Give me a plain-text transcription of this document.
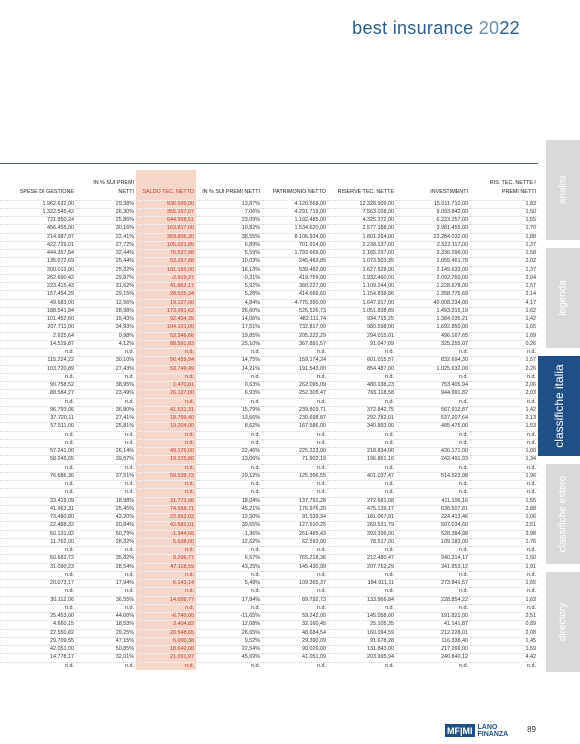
best insurance 2022
SPESE DI GESTIONE	IN % SUI PREMI NETTI	SALDO TEC. NETTO	IN % SUI PREMI NETTI	PATRIMONIO NETTO	RISERVE TEC. NETTE	INVESTIMENTI	RIS. TEC. NETTE / PREMI NETTI
1.962.622,00	29,38%	936.095,00	13,87%	4.120.568,00	12.328.909,00	15.011.710,00	1,83
1.322.545,42	26,30%	355.157,07	7,06%	4.291.719,00	7.563.028,00	9.093.842,00	1,50
721.850,24	25,86%	644.558,51	23,09%	1.192.485,00	4.325.372,00	6.223.257,00	1,55
456.455,00	30,16%	163.817,00	10,82%	1.534.620,00	2.577.188,00	3.981.455,00	1,70
214.987,97	22,41%	369.806,30	38,55%	8.106.934,00	1.801.264,00	22.284.032,00	1,88
422.729,01	27,72%	105.021,85	6,89%	701.914,00	2.238.137,00	2.522.117,00	1,37
444.357,84	32,44%	76.537,98	5,59%	1.793.669,00	2.165.297,00	3.336.096,00	1,58
135.072,69	25,44%	53.267,88	10,03%	245.463,85	1.073.503,35	1.055.461,78	2,02
300.013,00	25,32%	191.155,00	16,13%	539.482,00	1.627.528,00	2.149.633,00	1,37
262.690,42	29,87%	-2.919,27	-0,31%	419.759,00	1.932.460,00	2.092.760,00	2,04
223.415,43	31,62%	41.862,17	5,92%	360.227,00	1.109.244,00	1.228.678,00	1,57
157.454,29	29,15%	28.525,34	5,28%	414.669,60	1.154.838,86	1.358.775,69	2,14
49.683,00	12,56%	19.127,00	4,84%	4.775.390,00	1.647.917,00	40.008.234,00	4,17
188.541,84	28,98%	173.091,62	26,60%	526.526,73	1.051.838,89	1.493.315,19	1,62
101.452,60	15,43%	92.404,35	14,06%	482.111,74	934.715,25	1.384.035,21	1,42
207.711,00	34,93%	104.101,00	17,51%	732.817,00	980.598,00	1.692.850,00	1,65
2.625,64	0,98%	53.346,66	19,85%	205.222,29	294.015,01	496.167,65	1,09
14.529,87	4,12%	88.591,83	25,10%	367.891,57	91.047,09	325.255,07	0,26
n.d.	n.d.	n.d.	n.d.	n.d.	n.d.	n.d.	n.d.
115.224,22	30,10%	56.459,94	14,75%	159.174,24	601.015,57	832.694,30	1,57
103.720,89	27,43%	53.749,49	14,21%	191.543,00	854.487,00	1.025.632,00	2,26
n.d.	n.d.	n.d.	n.d.	n.d.	n.d.	n.d.	n.d.
90.758,52	38,95%	1.470,81	0,63%	262.095,09	480.038,23	753.405,94	2,06
88.584,27	23,49%	26.127,00	6,93%	252.305,47	765.118,58	944.991,82	2,03
n.d.	n.d.	n.d.	n.d.	n.d.	n.d.	n.d.	n.d.
96.793,06	36,80%	41.531,31	15,79%	239.803,71	372.842,75	567.912,87	1,42
37.720,11	27,41%	18.799,40	13,66%	230.698,87	292.782,01	537.207,64	2,13
57.511,00	25,81%	19.204,00	8,62%	167.586,00	340.893,00	485.475,00	1,53
n.d.	n.d.	n.d.	n.d.	n.d.	n.d.	n.d.	n.d.
n.d.	n.d.	n.d.	n.d.	n.d.	n.d.	n.d.	n.d.
57.241,00	26,14%	49.176,00	22,46%	225.223,00	218.834,00	430.171,00	1,00
58.246,65	39,57%	19.225,80	13,06%	71.902,19	196.861,16	242.491,93	1,34
n.d.	n.d.	n.d.	n.d.	n.d.	n.d.	n.d.	n.d.
76.686,36	37,51%	59.539,73	29,12%	125.996,55	401.037,47	514.523,98	1,96
n.d.	n.d.	n.d.	n.d.	n.d.	n.d.	n.d.	n.d.
n.d.	n.d.	n.d.	n.d.	n.d.	n.d.	n.d.	n.d.
33.419,09	18,98%	31.773,96	18,04%	137.791,28	272.681,08	411.106,16	1,55
41.963,31	25,45%	74.558,71	45,21%	176.976,20	475.139,17	638.507,81	2,88
73.480,80	43,20%	22.962,02	13,50%	91.539,34	181.067,91	224.413,46	1,06
22.488,32	20,84%	42.582,01	39,65%	127.510,25	269.531,79	507.034,60	2,51
50.131,92	50,79%	-1.344,66	-1,36%	261.485,43	393.336,00	528.384,98	3,98
11.762,00	26,32%	5.638,00	12,62%	62.593,00	78.517,00	109.183,00	1,76
n.d.	n.d.	n.d.	n.d.	n.d.	n.d.	n.d.	n.d.
50.682,72	35,82%	9.296,77	6,57%	765.218,36	212.480,47	940.314,17	1,50
31.090,23	28,54%	47.118,59	43,25%	145.430,99	207.762,29	341.853,12	1,91
n.d.	n.d.	n.d.	n.d.	n.d.	n.d.	n.d.	n.d.
20.073,17	17,94%	6.143,14	5,49%	109.365,37	184.911,11	273.841,57	1,65
n.d.	n.d.	n.d.	n.d.	n.d.	n.d.	n.d.	n.d.
30.112,06	36,55%	14.699,77	17,84%	89.792,73	133.966,84	228.854,22	1,63
n.d.	n.d.	n.d.	n.d.	n.d.	n.d.	n.d.	n.d.
25.453,00	44,00%	-6.740,00	-11,65%	59.242,00	145.058,00	191.821,00	2,51
4.660,15	18,53%	3.404,82	12,08%	32.160,45	25.105,35	41.141,87	0,89
22.550,82	29,25%	20.548,65	26,65%	48.684,54	160.094,59	212.228,01	2,08
29.709,55	47,15%	6.000,38	9,52%	29.390,09	91.678,28	116.338,40	1,45
42.051,00	50,85%	18.642,00	22,54%	90.026,00	131.843,00	217.266,00	1,59
14.778,17	32,01%	21.091,97	45,69%	41.051,09	203.995,94	240.840,12	4,42
n.d.	n.d.	n.d.	n.d.	n.d.	n.d.	n.d.	n.d.
analisi
legenda
classifiche italia
classifiche estero
directory
MF|MI LANO
FINANZA 89
